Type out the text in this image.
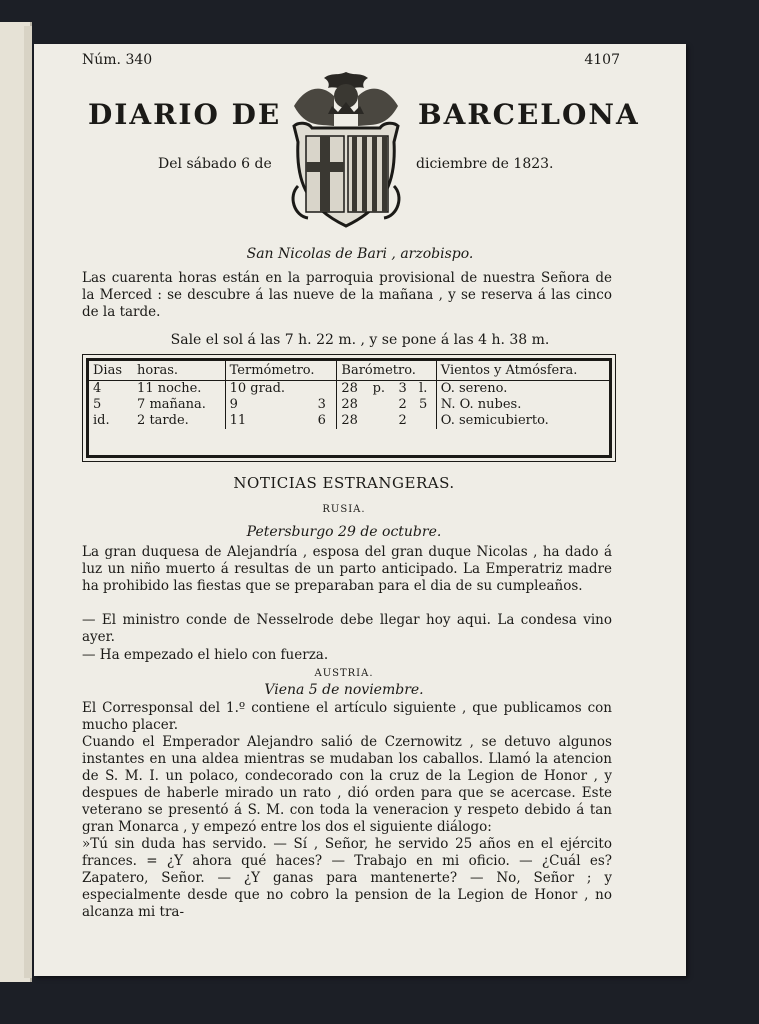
Núm. 340	4107
DIARIO DE	BARCELONA
Del sábado 6 de	diciembre de 1823.
San Nicolas de Bari , arzobispo.
Las cuarenta horas están en la parroquia provisional de nuestra Señora de la Merced : se descubre á las nueve de la mañana , y se reserva á las cinco de la tarde.
Sale el sol á las 7 h. 22 m. , y se pone á las 4 h. 38 m.
Dias	horas.	Termómetro.		Barómetro.				Vientos y Atmósfera.
4	11 noche.	10 grad.		28	p.	3	l.	O. sereno.
5	7 mañana.	9	3	28		2	5	N. O. nubes.
id.	2 tarde.	11	6	28		2		O. semicubierto.
NOTICIAS ESTRANGERAS.
RUSIA.
Petersburgo 29 de octubre.
La gran duquesa de Alejandría , esposa del gran duque Nicolas , ha dado á luz un niño muerto á resultas de un parto anticipado. La Emperatriz madre ha prohibido las fiestas que se preparaban para el dia de su cumpleaños.
— El ministro conde de Nesselrode debe llegar hoy aqui. La condesa vino ayer.
— Ha empezado el hielo con fuerza.
AUSTRIA.
Viena 5 de noviembre.
El Corresponsal del 1.º contiene el artículo siguiente , que publicamos con mucho placer.
Cuando el Emperador Alejandro salió de Czernowitz , se detuvo algunos instantes en una aldea mientras se mudaban los caballos. Llamó la atencion de S. M. I. un polaco, condecorado con la cruz de la Legion de Honor , y despues de haberle mirado un rato , dió orden para que se acercase. Este veterano se presentó á S. M. con toda la veneracion y respeto debido á tan gran Monarca , y empezó entre los dos el siguiente diálogo:
»Tú sin duda has servido. — Sí , Señor, he servido 25 años en el ejército frances. = ¿Y ahora qué haces? — Trabajo en mi oficio. — ¿Cuál es? Zapatero, Señor. — ¿Y ganas para mantenerte? — No, Señor ; y especialmente desde que no cobro la pension de la Legion de Honor , no alcanza mi tra-
